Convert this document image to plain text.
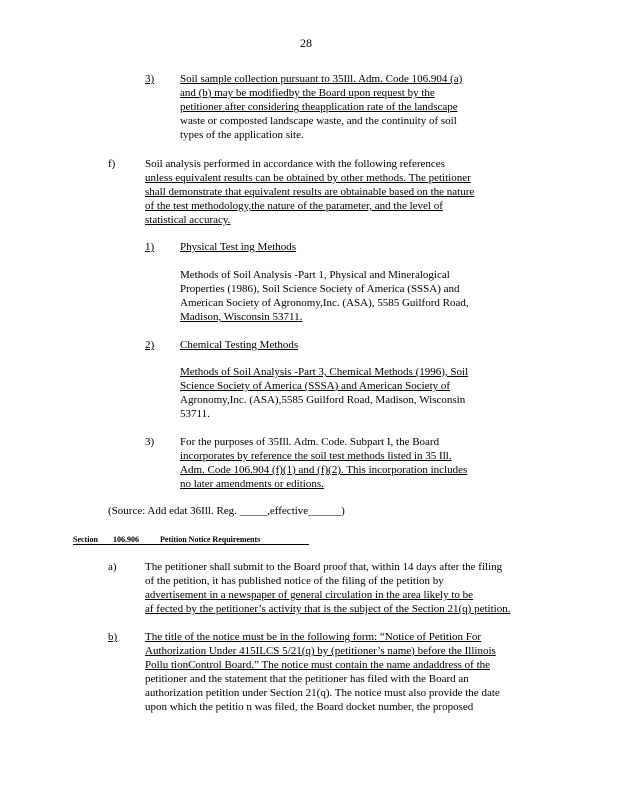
28
3) Soil sample collection pursuant to 35Ill. Adm. Code 106.904 (a)
and (b) may be modifiedby the Board upon request by the
petitioner after considering theapplication rate of the landscape
waste or composted landscape waste, and the continuity of soil
types of the application site.
f)	Soil analysis performed in accordance with the following references
unless equivalent results can be obtained by other methods. The petitioner
shall demonstrate that equivalent results are obtainable based on the nature
of the test methodology,the nature of the parameter, and the level of
statistical accuracy.
1) Physical Test ing Methods
Methods of Soil Analysis -Part 1, Physical and Mineralogical
Properties (1986), Soil Science Society of America (SSSA) and
American Society of Agronomy,Inc. (ASA), 5585 Guilford Road,
Madison, Wisconsin 53711.
2) Chemical Testing Methods
Methods of Soil Analysis -Part 3, Chemical Methods (1996), Soil
Science Society of America (SSSA) and American Society of
Agronomy,Inc. (ASA),5585 Guilford Road, Madison, Wisconsin
53711.
3) For the purposes of 35Ill. Adm. Code. Subpart I, the Board
incorporates by reference the soil test methods listed in 35 Ill.
Adm. Code 106.904 (f)(1) and (f)(2). This incorporation includes
no later amendments or editions.
(Source: Add edat 36Ill. Reg. _____,effective______)
Section 106.906	Petition Notice Requirements
a)	The petitioner shall submit to the Board proof that, within 14 days after the filing
of the petition, it has published notice of the filing of the petition by
advertisement in a newspaper of general circulation in the area likely to be
af fected by the petitioner’s activity that is the subject of the Section 21(q) petition.
b)	The title of the notice must be in the following form: “Notice of Petition For
Authorization Under 415ILCS 5/21(q) by (petitioner’s name) before the Illinois
Pollu tionControl Board.” The notice must contain the name andaddress of the
petitioner and the statement that the petitioner has filed with the Board an
authorization petition under Section 21(q). The notice must also provide the date
upon which the petitio n was filed, the Board docket number, the proposed
